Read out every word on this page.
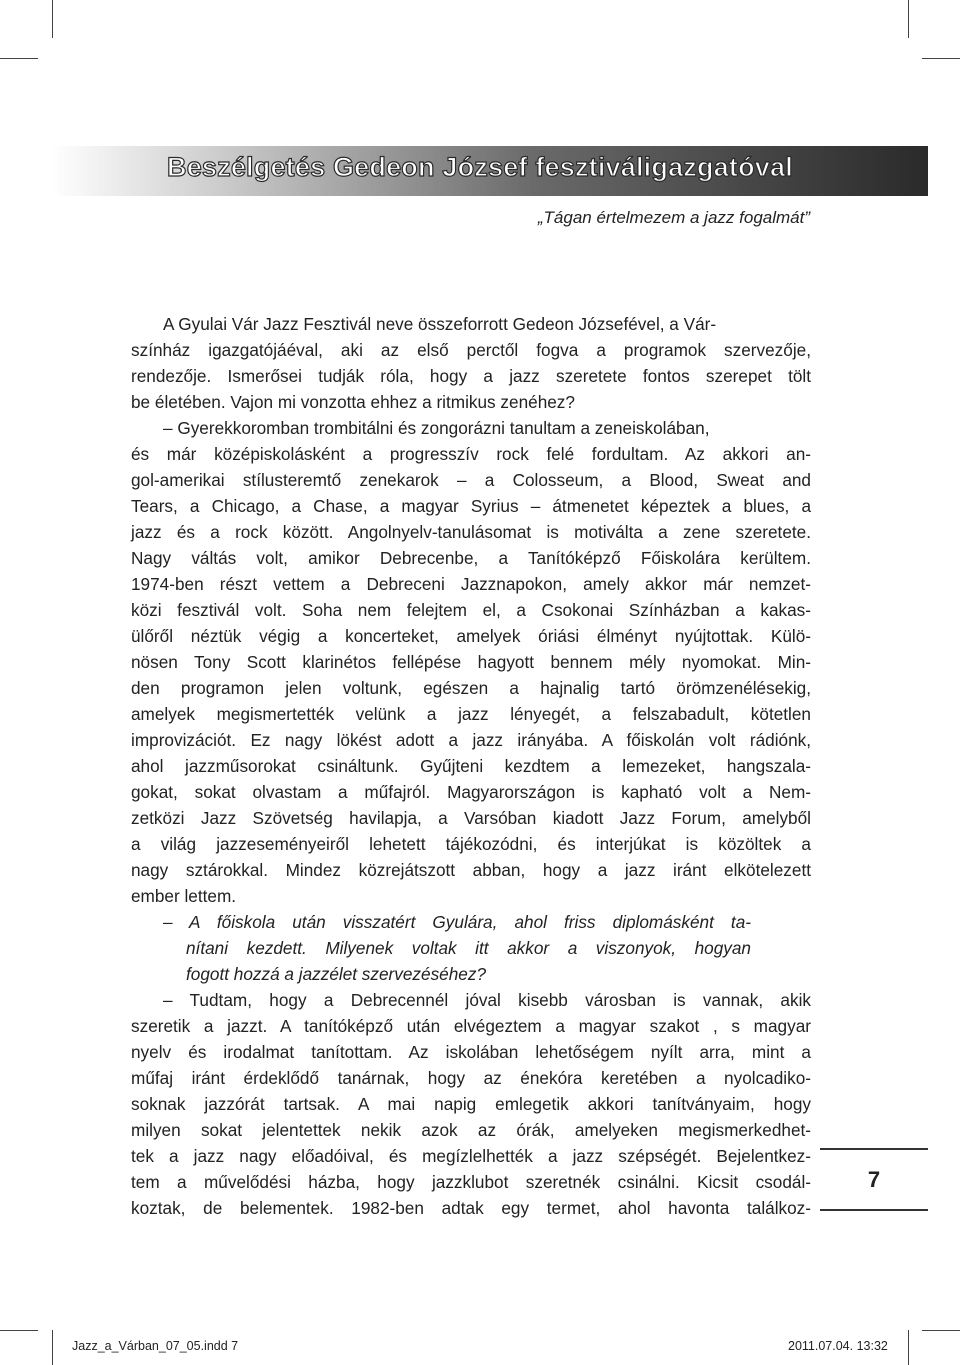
Beszélgetés Gedeon József fesztiváligazgatóval
„Tágan értelmezem a jazz fogalmát”
A Gyulai Vár Jazz Fesztivál neve összeforrott Gedeon Józsefével, a Vár-
színház igazgatójáéval, aki az első perctől fogva a programok szervezője,
rendezője. Ismerősei tudják róla, hogy a jazz szeretete fontos szerepet tölt
be életében. Vajon mi vonzotta ehhez a ritmikus zenéhez?
– Gyerekkoromban trombitálni és zongorázni tanultam a zeneiskolában,
és már középiskolásként a progresszív rock felé fordultam. Az akkori an-
gol-amerikai stílusteremtő zenekarok – a Colosseum, a Blood, Sweat and
Tears, a Chicago, a Chase, a magyar Syrius – átmenetet képeztek a blues, a
jazz és a rock között. Angolnyelv-tanulásomat is motiválta a zene szeretete.
Nagy váltás volt, amikor Debrecenbe, a Tanítóképző Főiskolára kerültem.
1974-ben részt vettem a Debreceni Jazznapokon, amely akkor már nemzet-
közi fesztivál volt. Soha nem felejtem el, a Csokonai Színházban a kakas-
ülőről néztük végig a koncerteket, amelyek óriási élményt nyújtottak. Külö-
nösen Tony Scott klarinétos fellépése hagyott bennem mély nyomokat. Min-
den programon jelen voltunk, egészen a hajnalig tartó örömzenélésekig,
amelyek megismertették velünk a jazz lényegét, a felszabadult, kötetlen
improvizációt. Ez nagy lökést adott a jazz irányába. A főiskolán volt rádiónk,
ahol jazzműsorokat csináltunk. Gyűjteni kezdtem a lemezeket, hangszala-
gokat, sokat olvastam a műfajról. Magyarországon is kapható volt a Nem-
zetközi Jazz Szövetség havilapja, a Varsóban kiadott Jazz Forum, amelyből
a világ jazzeseményeiről lehetett tájékozódni, és interjúkat is közöltek a
nagy sztárokkal. Mindez közrejátszott abban, hogy a jazz iránt elkötelezett
ember lettem.
– A főiskola után visszatért Gyulára, ahol friss diplomásként ta-
nítani kezdett. Milyenek voltak itt akkor a viszonyok, hogyan
fogott hozzá a jazzélet szervezéséhez?
– Tudtam, hogy a Debrecennél jóval kisebb városban is vannak, akik
szeretik a jazzt. A tanítóképző után elvégeztem a magyar szakot , s magyar
nyelv és irodalmat tanítottam. Az iskolában lehetőségem nyílt arra, mint a
műfaj iránt érdeklődő tanárnak, hogy az énekóra keretében a nyolcadiko-
soknak jazzórát tartsak. A mai napig emlegetik akkori tanítványaim, hogy
milyen sokat jelentettek nekik azok az órák, amelyeken megismerkedhet-
tek a jazz nagy előadóival, és megízlelhették a jazz szépségét. Bejelentkez-
tem a művelődési házba, hogy jazzklubot szeretnék csinálni. Kicsit csodál-
koztak, de belementek. 1982-ben adtak egy termet, ahol havonta találkoz-
7
Jazz_a_Várban_07_05.indd 7	2011.07.04. 13:32
